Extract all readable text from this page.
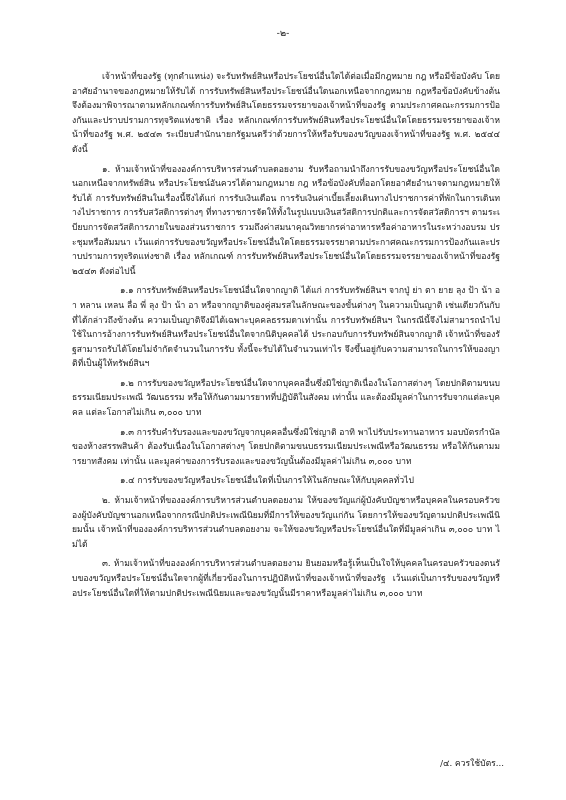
-๒-

เจ้าหน้าที่ของรัฐ (ทุกตำแหน่ง) จะรับทรัพย์สินหรือประโยชน์อื่นใดได้ต่อเมื่อมีกฎหมาย กฎ หรือมีข้อบังคับ โดยอาศัยอำนาจของกฎหมายให้รับได้ การรับทรัพย์สินหรือประโยชน์อื่นใดนอกเหนือจากกฎหมาย กฎหรือข้อบังคับข้างต้น จึงต้องมาพิจารณาตามหลักเกณฑ์การรับทรัพย์สินโดยธรรมจรรยาของเจ้าหน้าที่ของรัฐ ตามประกาศคณะกรรมการป้องกันและปราบปรามการทุจริตแห่งชาติ เรื่อง หลักเกณฑ์การรับทรัพย์สินหรือประโยชน์อื่นใดโดยธรรมจรรยาของเจ้าหน้าที่ของรัฐ พ.ศ. ๒๕๔๓ ระเบียบสำนักนายกรัฐมนตรีว่าด้วยการให้หรือรับของขวัญของเจ้าหน้าที่ของรัฐ พ.ศ. ๒๕๔๔ ดังนี้

๑. ห้ามเจ้าหน้าที่ขององค์การบริหารส่วนตำบลดอยงาม รับหรือถามนำถึงการรับของขวัญหรือประโยชน์อื่นใดนอกเหนือจากทรัพย์สิน หรือประโยชน์อันควรได้ตามกฎหมาย กฎ หรือข้อบังคับที่ออกโดยอาศัยอำนาจตามกฎหมายให้รับได้ การรับทรัพย์สินในเรื่องนี้จึงได้แก่ การรับเงินเดือน การรับเงินค่าเบี้ยเลี้ยงเดินทางไปราชการค่าที่พักในการเดินทางไปราชการ การรับสวัสดิการต่างๆ ที่ทางราชการจัดให้ทั้งในรูปแบบเงินสวัสดิการปกติและการจัดสวัสดิการฯ ตามระเบียบการจัดสวัสดิการภายในของส่วนราชการ รวมถึงค่าสมนาคุณวิทยากรค่าอาหารหรือค่าอาหารในระหว่างอบรม ประชุมหรือสัมมนา เว้นแต่การรับของขวัญหรือประโยชน์อื่นใดโดยธรรมจรรยาตามประกาศคณะกรรมการป้องกันและปราบปรามการทุจริตแห่งชาติ เรื่อง หลักเกณฑ์ การรับทรัพย์สินหรือประโยชน์อื่นใดโดยธรรมจรรยาของเจ้าหน้าที่ของรัฐ ๒๕๔๓ ดังต่อไปนี้

๑.๑ การรับทรัพย์สินหรือประโยชน์อื่นใดจากญาติ ได้แก่ การรับทรัพย์สินฯ จากปู่ ย่า ตา ยาย ลุง ป้า น้า อา หลาน เหลน ลื่อ พี่ ลุง ป้า น้า อา หรือจากญาติของคู่สมรสในลักษณะของขั้นต่างๆ ในความเป็นญาติ เช่นเดียวกันกับที่ได้กล่าวถึงข้างต้น ความเป็นญาติจึงมิได้เฉพาะบุคคลธรรมดาเท่านั้น การรับทรัพย์สินฯ ในกรณีนี้จึงไม่สามารถนำไปใช้ในการอ้างการรับทรัพย์สินหรือประโยชน์อื่นใดจากนิติบุคคลได้ ประกอบกับการรับทรัพย์สินจากญาติ เจ้าหน้าที่ของรัฐสามารถรับได้โดยไม่จำกัดจำนวนในการรับ ทั้งนี้จะรับได้ในจำนวนเท่าไร จึงขึ้นอยู่กับความสามารถในการให้ของญาติที่เป็นผู้ให้ทรัพย์สินฯ

๑.๒ การรับของขวัญหรือประโยชน์อื่นใดจากบุคคลอื่นซึ่งมิใช่ญาติเนื่องในโอกาสต่างๆ โดยปกติตามขนบธรรมเนียมประเพณี วัฒนธรรม หรือให้กันตามมารยาทที่ปฏิบัติในสังคม เท่านั้น และต้องมีมูลค่าในการรับจากแต่ละบุคคล แต่ละโอกาสไม่เกิน ๓,๐๐๐ บาท

๑.๓ การรับคำรับรองและของขวัญจากบุคคลอื่นซึ่งมิใช่ญาติ อาทิ พาไปรับประทานอาหาร มอบบัตรกำนัลของห้างสรรพสินค้า ต้องรับเนื่องในโอกาสต่างๆ โดยปกติตามขนบธรรมเนียมประเพณีหรือวัฒนธรรม หรือให้กันตามมารยาทสังคม เท่านั้น และมูลค่าของการรับรองและของขวัญนั้นต้องมีมูลค่าไม่เกิน ๓,๐๐๐ บาท

๑.๔ การรับของขวัญหรือประโยชน์อื่นใดที่เป็นการให้ในลักษณะให้กับบุคคลทั่วไป

๒. ห้ามเจ้าหน้าที่ขององค์การบริหารส่วนตำบลดอยงาม ให้ของขวัญแก่ผู้บังคับบัญชาหรือบุคคลในครอบครัวของผู้บังคับบัญชานอกเหนือจากกรณีปกติประเพณีนิยมที่มีการให้ของขวัญแก่กัน โดยการให้ของขวัญตามปกติประเพณีนิยมนั้น เจ้าหน้าที่ขององค์การบริหารส่วนตำบลดอยงาม จะให้ของขวัญหรือประโยชน์อื่นใดที่มีมูลค่าเกิน ๓,๐๐๐ บาท ไม่ได้

๓. ห้ามเจ้าหน้าที่ขององค์การบริหารส่วนตำบลดอยงาม ยินยอมหรือรู้เห็นเป็นใจให้บุคคลในครอบครัวของตนรับของขวัญหรือประโยชน์อื่นใดจากผู้ที่เกี่ยวข้องในการปฏิบัติหน้าที่ของเจ้าหน้าที่ของรัฐ เว้นแต่เป็นการรับของขวัญหรือประโยชน์อื่นใดที่ให้ตามปกติประเพณีนิยมและของขวัญนั้นมีราคาหรือมูลค่าไม่เกิน ๓,๐๐๐ บาท

/๔. ควรใช้บัตร...
